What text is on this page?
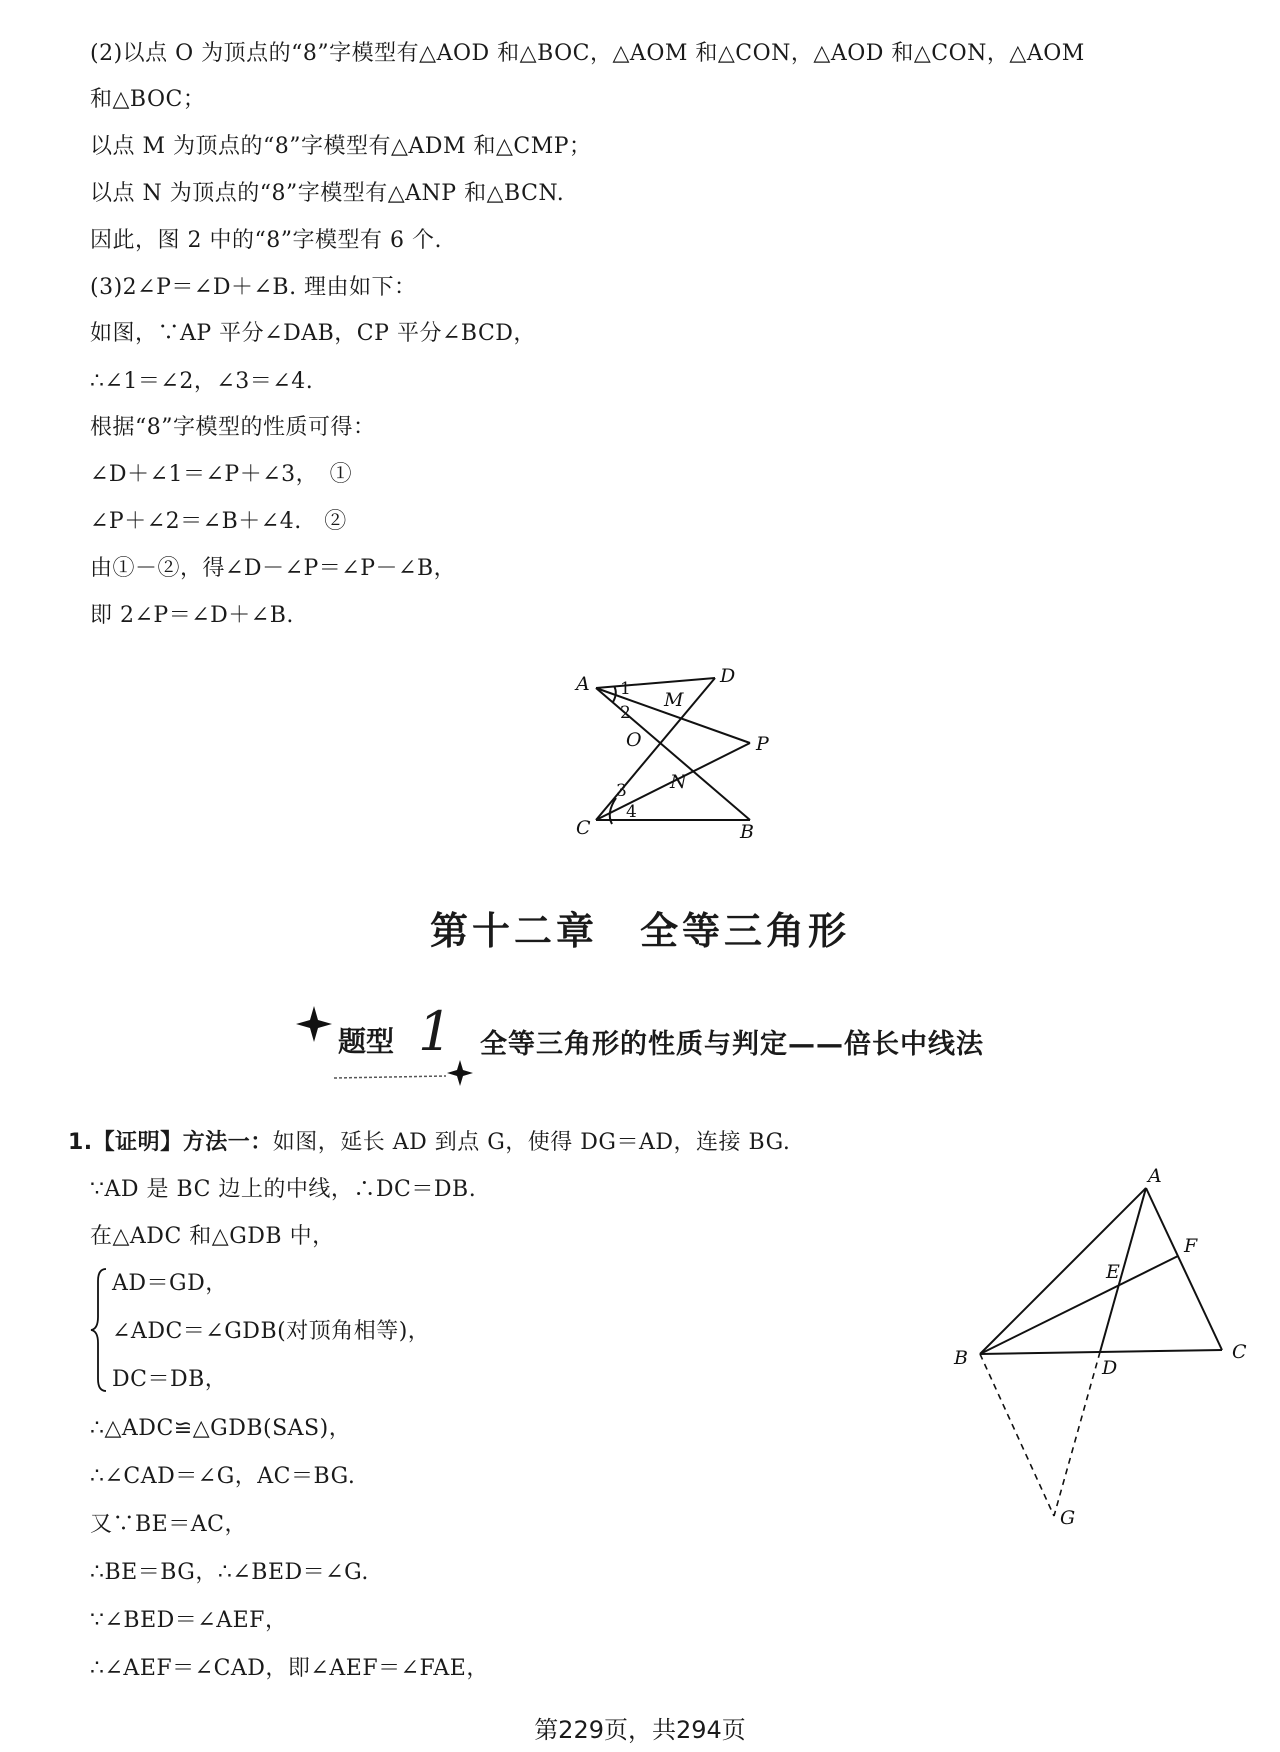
(2)以点 O 为顶点的“8”字模型有△AOD 和△BOC，△AOM 和△CON，△AOD 和△CON，△AOM
和△BOC；
以点 M 为顶点的“8”字模型有△ADM 和△CMP；
以点 N 为顶点的“8”字模型有△ANP 和△BCN.
因此，图 2 中的“8”字模型有 6 个.
(3)2∠P＝∠D＋∠B. 理由如下：
如图，∵AP 平分∠DAB，CP 平分∠BCD，
∴∠1＝∠2，∠3＝∠4.
根据“8”字模型的性质可得：
∠D＋∠1＝∠P＋∠3，　①
∠P＋∠2＝∠B＋∠4.　②
由①－②，得∠D－∠P＝∠P－∠B，
即 2∠P＝∠D＋∠B.
A	D
M
O	P
C
N
B
1
2
3
4
第十二章　全等三角形
题型 1 全等三角形的性质与判定——倍长中线法
1.【证明】方法一：如图，延长 AD 到点 G，使得 DG＝AD，连接 BG.
∵AD 是 BC 边上的中线，∴DC＝DB.
在△ADC 和△GDB 中，
AD＝GD，
∠ADC＝∠GDB(对顶角相等)，
DC＝DB，
∴△ADC≌△GDB(SAS)，
∴∠CAD＝∠G，AC＝BG.
又∵BE＝AC，
∴BE＝BG，∴∠BED＝∠G.
∵∠BED＝∠AEF，
∴∠AEF＝∠CAD，即∠AEF＝∠FAE，
A
F
E
B	D
C
G
第229页，共294页
